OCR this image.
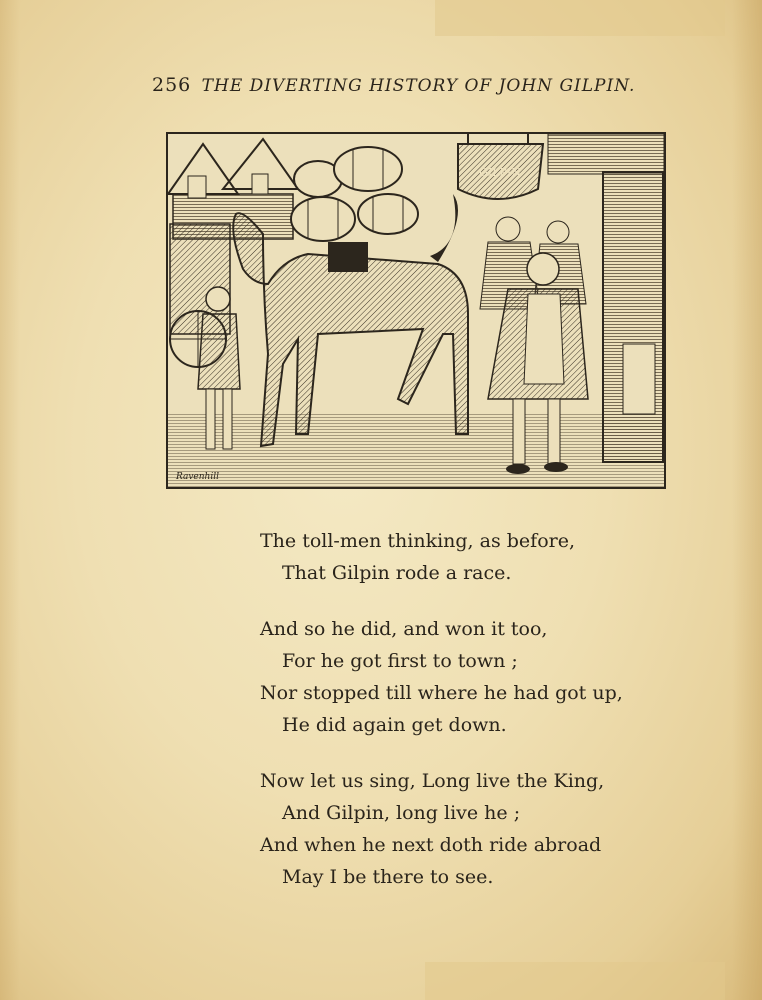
256 THE DIVERTING HISTORY OF JOHN GILPIN.
GILPIN
Ravenhill
The toll-men thinking, as before,
That Gilpin rode a race.
And so he did, and won it too,
For he got first to town ;
Nor stopped till where he had got up,
He did again get down.
Now let us sing, Long live the King,
And Gilpin, long live he ;
And when he next doth ride abroad
May I be there to see.
